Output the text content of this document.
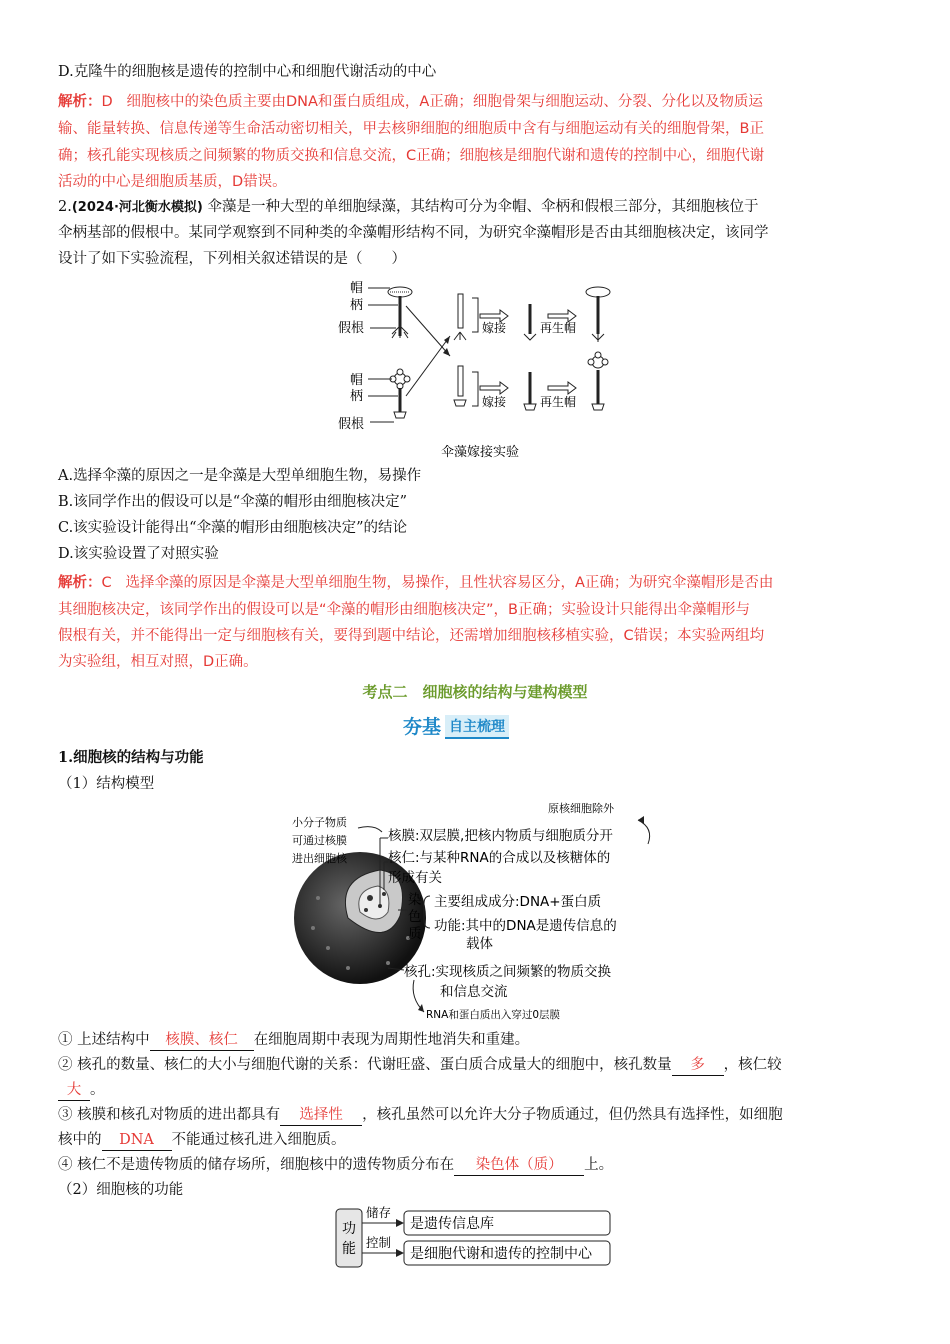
D.克隆牛的细胞核是遗传的控制中心和细胞代谢活动的中心
解析：D 细胞核中的染色质主要由DNA和蛋白质组成，A正确；细胞骨架与细胞运动、分裂、分化以及物质运
输、能量转换、信息传递等生命活动密切相关，甲去核卵细胞的细胞质中含有与细胞运动有关的细胞骨架，B正
确；核孔能实现核质之间频繁的物质交换和信息交流，C正确；细胞核是细胞代谢和遗传的控制中心，细胞代谢
活动的中心是细胞质基质，D错误。
2.(2024·河北衡水模拟) 伞藻是一种大型的单细胞绿藻，其结构可分为伞帽、伞柄和假根三部分，其细胞核位于
伞柄基部的假根中。某同学观察到不同种类的伞藻帽形结构不同，为研究伞藻帽形是否由其细胞核决定，该同学
设计了如下实验流程，下列相关叙述错误的是（　　）
帽
柄
假根
帽
柄
假根
嫁接	再生帽
嫁接	再生帽
伞藻嫁接实验
A.选择伞藻的原因之一是伞藻是大型单细胞生物，易操作
B.该同学作出的假设可以是“伞藻的帽形由细胞核决定”
C.该实验设计能得出“伞藻的帽形由细胞核决定”的结论
D.该实验设置了对照实验
解析：C 选择伞藻的原因是伞藻是大型单细胞生物，易操作，且性状容易区分，A正确；为研究伞藻帽形是否由
其细胞核决定，该同学作出的假设可以是“伞藻的帽形由细胞核决定”，B正确；实验设计只能得出伞藻帽形与
假根有关，并不能得出一定与细胞核有关，要得到题中结论，还需增加细胞核移植实验，C错误；本实验两组均
为实验组，相互对照，D正确。
考点二　细胞核的结构与建构模型
夯基 自主梳理
1.细胞核的结构与功能
（1）结构模型
小分子物质
可通过核膜
进出细胞核
原核细胞除外
核膜:双层膜,把核内物质与细胞质分开
核仁:与某种RNA的合成以及核糖体的
形成有关
染
色
质
主要组成成分:DNA+蛋白质
功能:其中的DNA是遗传信息的
载体
核孔:实现核质之间频繁的物质交换
和信息交流
RNA和蛋白质出入穿过0层膜
① 上述结构中 核膜、核仁 在细胞周期中表现为周期性地消失和重建。
② 核孔的数量、核仁的大小与细胞代谢的关系：代谢旺盛、蛋白质合成量大的细胞中，核孔数量 多 ，核仁较
大 。
③ 核膜和核孔对物质的进出都具有 选择性 ，核孔虽然可以允许大分子物质通过，但仍然具有选择性，如细胞
核中的 DNA 不能通过核孔进入细胞质。
④ 核仁不是遗传物质的储存场所，细胞核中的遗传物质分布在 染色体（质） 上。
（2）细胞核的功能
功
能
储存
控制
是遗传信息库
是细胞代谢和遗传的控制中心
